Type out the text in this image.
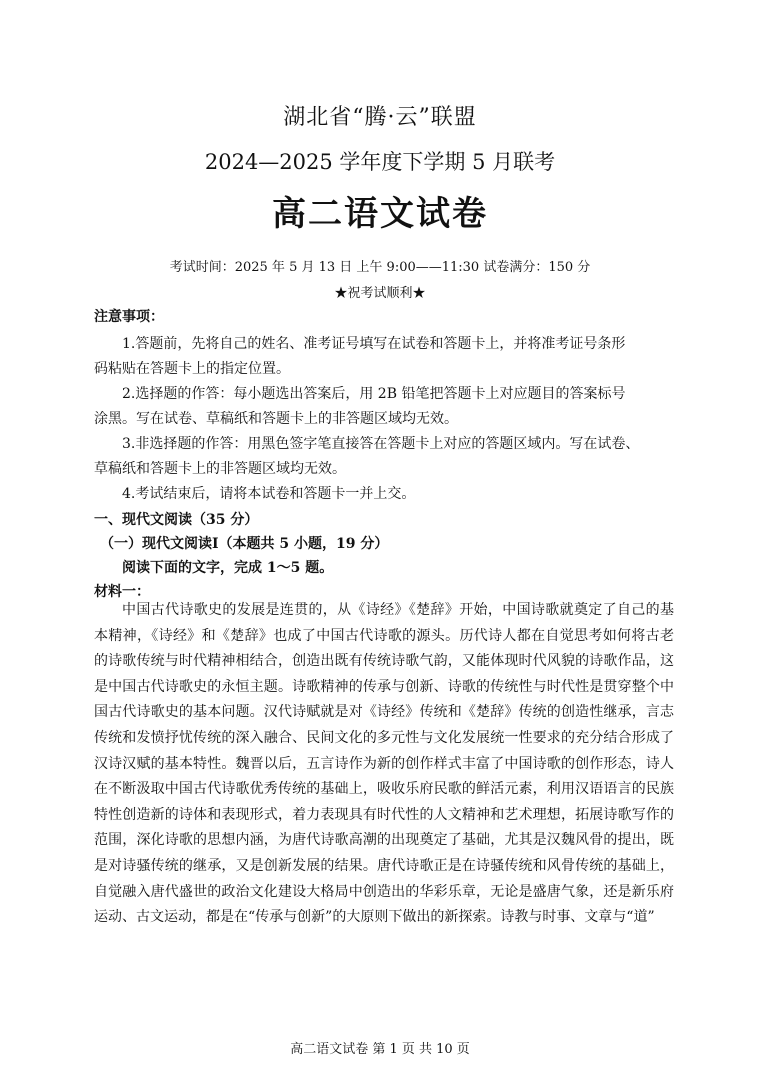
湖北省“腾·云”联盟
2024—2025 学年度下学期 5 月联考
高二语文试卷
考试时间：2025 年 5 月 13 日 上午 9:00——11:30 试卷满分：150 分
★祝考试顺利★
注意事项：
1.答题前，先将自己的姓名、准考证号填写在试卷和答题卡上，并将准考证号条形
码粘贴在答题卡上的指定位置。
2.选择题的作答：每小题选出答案后，用 2B 铅笔把答题卡上对应题目的答案标号
涂黑。写在试卷、草稿纸和答题卡上的非答题区域均无效。
3.非选择题的作答：用黑色签字笔直接答在答题卡上对应的答题区域内。写在试卷、
草稿纸和答题卡上的非答题区域均无效。
4.考试结束后，请将本试卷和答题卡一并上交。
一、现代文阅读（35 分）
（一）现代文阅读Ⅰ（本题共 5 小题，19 分）
阅读下面的文字，完成 1～5 题。
材料一：

中国古代诗歌史的发展是连贯的，从《诗经》《楚辞》开始，中国诗歌就奠定了自己的基本精神，《诗经》和《楚辞》也成了中国古代诗歌的源头。历代诗人都在自觉思考如何将古老的诗歌传统与时代精神相结合，创造出既有传统诗歌气韵，又能体现时代风貌的诗歌作品，这是中国古代诗歌史的永恒主题。诗歌精神的传承与创新、诗歌的传统性与时代性是贯穿整个中国古代诗歌史的基本问题。汉代诗赋就是对《诗经》传统和《楚辞》传统的创造性继承，言志传统和发愤抒忧传统的深入融合、民间文化的多元性与文化发展统一性要求的充分结合形成了汉诗汉赋的基本特性。魏晋以后，五言诗作为新的创作样式丰富了中国诗歌的创作形态，诗人在不断汲取中国古代诗歌优秀传统的基础上，吸收乐府民歌的鲜活元素，利用汉语语言的民族特性创造新的诗体和表现形式，着力表现具有时代性的人文精神和艺术理想，拓展诗歌写作的范围，深化诗歌的思想内涵，为唐代诗歌高潮的出现奠定了基础，尤其是汉魏风骨的提出，既是对诗骚传统的继承，又是创新发展的结果。唐代诗歌正是在诗骚传统和风骨传统的基础上，自觉融入唐代盛世的政治文化建设大格局中创造出的华彩乐章，无论是盛唐气象，还是新乐府运动、古文运动，都是在“传承与创新”的大原则下做出的新探索。诗教与时事、文章与“道”

高二语文试卷 第 1 页 共 10 页
